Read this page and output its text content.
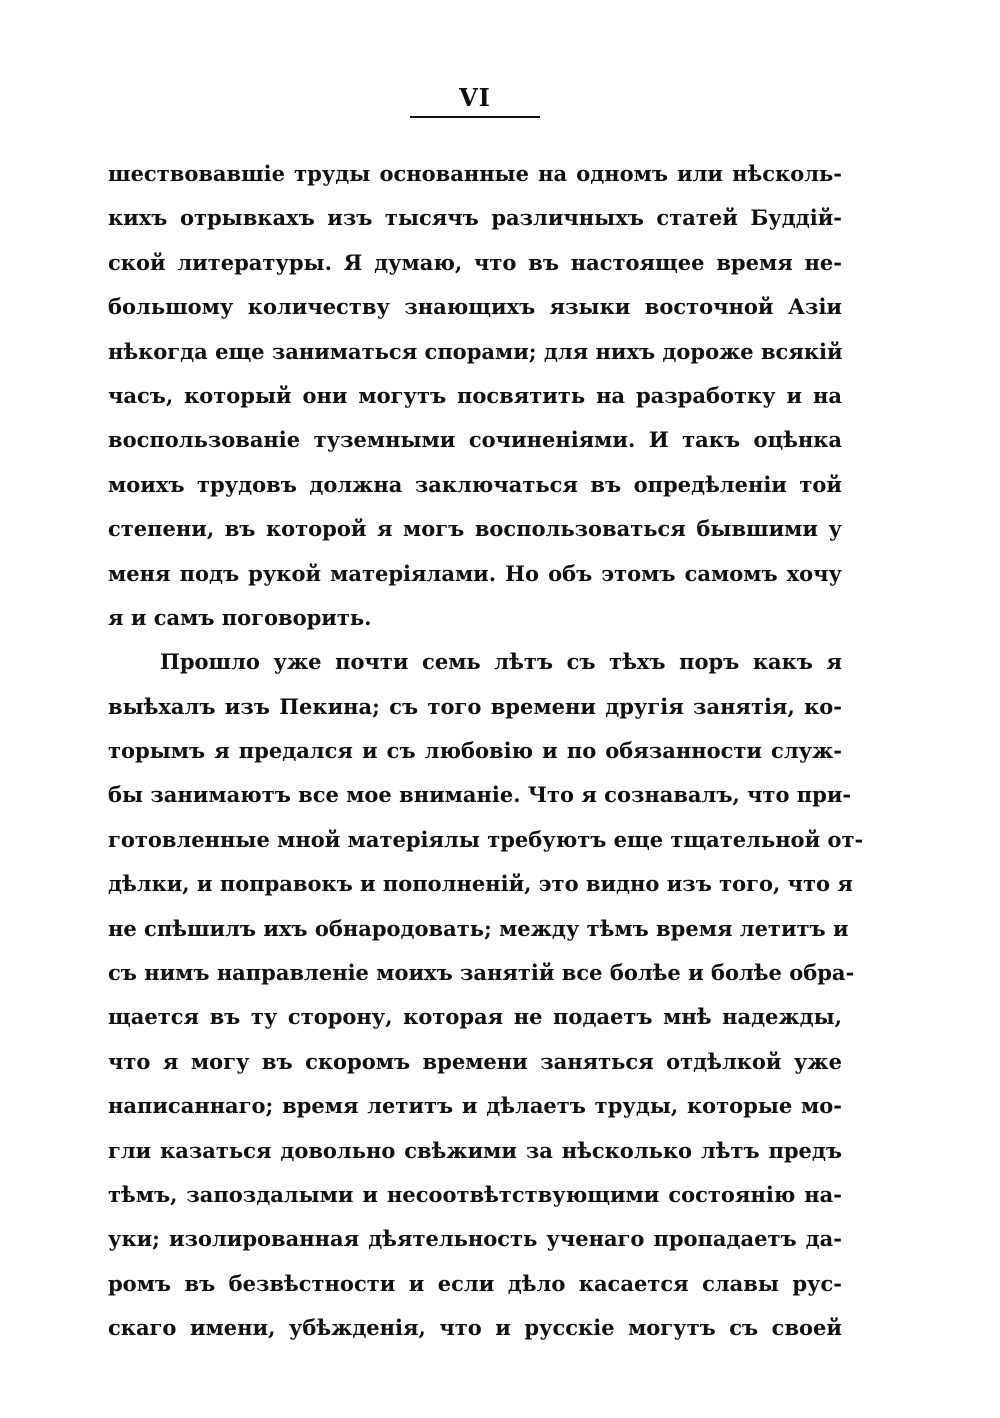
VI
шествовавшіе труды основанные на одномъ или нѣсколь-
кихъ отрывкахъ изъ тысячъ различныхъ статей Буддій-
ской литературы. Я думаю, что въ настоящее время не-
большому количеству знающихъ языки восточной Азіи
нѣкогда еще заниматься спорами; для нихъ дороже всякій
часъ, который они могутъ посвятить на разработку и на
воспользованіе туземными сочиненіями. И такъ оцѣнка
моихъ трудовъ должна заключаться въ опредѣленіи той
степени, въ которой я могъ воспользоваться бывшими у
меня подъ рукой матеріялами. Но объ этомъ самомъ хочу
я и самъ поговорить.
Прошло уже почти семь лѣтъ съ тѣхъ поръ какъ я
выѣхалъ изъ Пекина; съ того времени другія занятія, ко-
торымъ я предался и съ любовію и по обязанности служ-
бы занимаютъ все мое вниманіе. Что я сознавалъ, что при-
готовленные мной матеріялы требуютъ еще тщательной от-
дѣлки, и поправокъ и пополненій, это видно изъ того, что я
не спѣшилъ ихъ обнародовать; между тѣмъ время летитъ и
съ нимъ направленіе моихъ занятій все болѣе и болѣе обра-
щается въ ту сторону, которая не подаетъ мнѣ надежды,
что я могу въ скоромъ времени заняться отдѣлкой уже
написаннаго; время летитъ и дѣлаетъ труды, которые мо-
гли казаться довольно свѣжими за нѣсколько лѣтъ предъ
тѣмъ, запоздалыми и несоотвѣтствующими состоянію на-
уки; изолированная дѣятельность ученаго пропадаетъ да-
ромъ въ безвѣстности и если дѣло касается славы рус-
скаго имени, убѣжденія, что и русскіе могутъ съ своей
